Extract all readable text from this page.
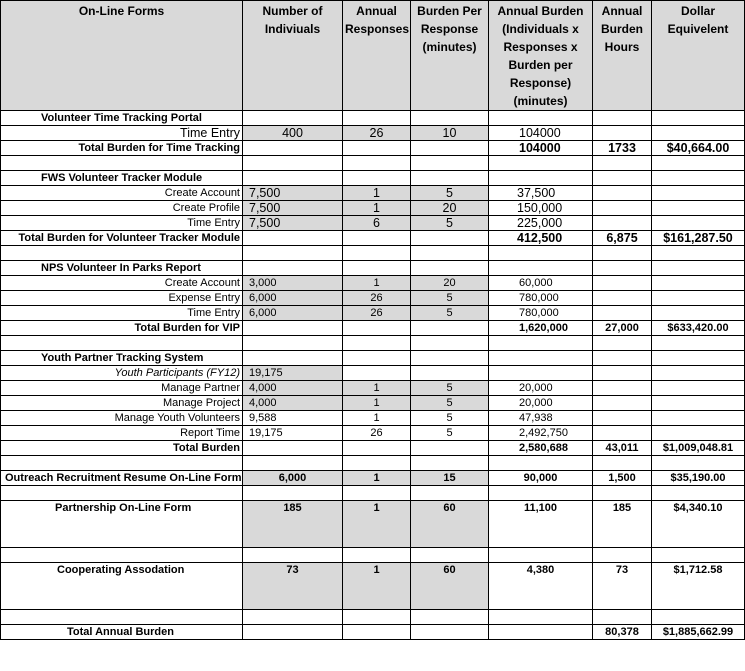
On-Line Forms	Number of Indiviuals	Annual Responses	Burden Per Response (minutes)	Annual Burden (Individuals x Responses x Burden per Response) (minutes)	Annual Burden Hours	Dollar Equivelent
Volunteer Time Tracking Portal						
Time Entry	400	26	10	104000		
Total Burden for Time Tracking				104000	1733	$40,664.00

FWS Volunteer Tracker Module						
Create Account	7,500	1	5	37,500		
Create Profile	7,500	1	20	150,000		
Time Entry	7,500	6	5	225,000		
Total Burden for Volunteer Tracker Module				412,500	6,875	$161,287.50

NPS Volunteer In Parks Report						
Create Account	3,000	1	20	60,000		
Expense Entry	6,000	26	5	780,000		
Time Entry	6,000	26	5	780,000		
Total Burden for VIP				1,620,000	27,000	$633,420.00

Youth Partner Tracking System						
Youth Participants (FY12)	19,175					
Manage Partner	4,000	1	5	20,000		
Manage Project	4,000	1	5	20,000		
Manage Youth Volunteers	9,588	1	5	47,938		
Report Time	19,175	26	5	2,492,750		
Total Burden				2,580,688	43,011	$1,009,048.81

Outreach Recruitment Resume On-Line Form	6,000	1	15	90,000	1,500	$35,190.00

Partnership On-Line Form	185	1	60	11,100	185	$4,340.10

Cooperating Assodation	73	1	60	4,380	73	$1,712.58

Total Annual Burden					80,378	$1,885,662.99
